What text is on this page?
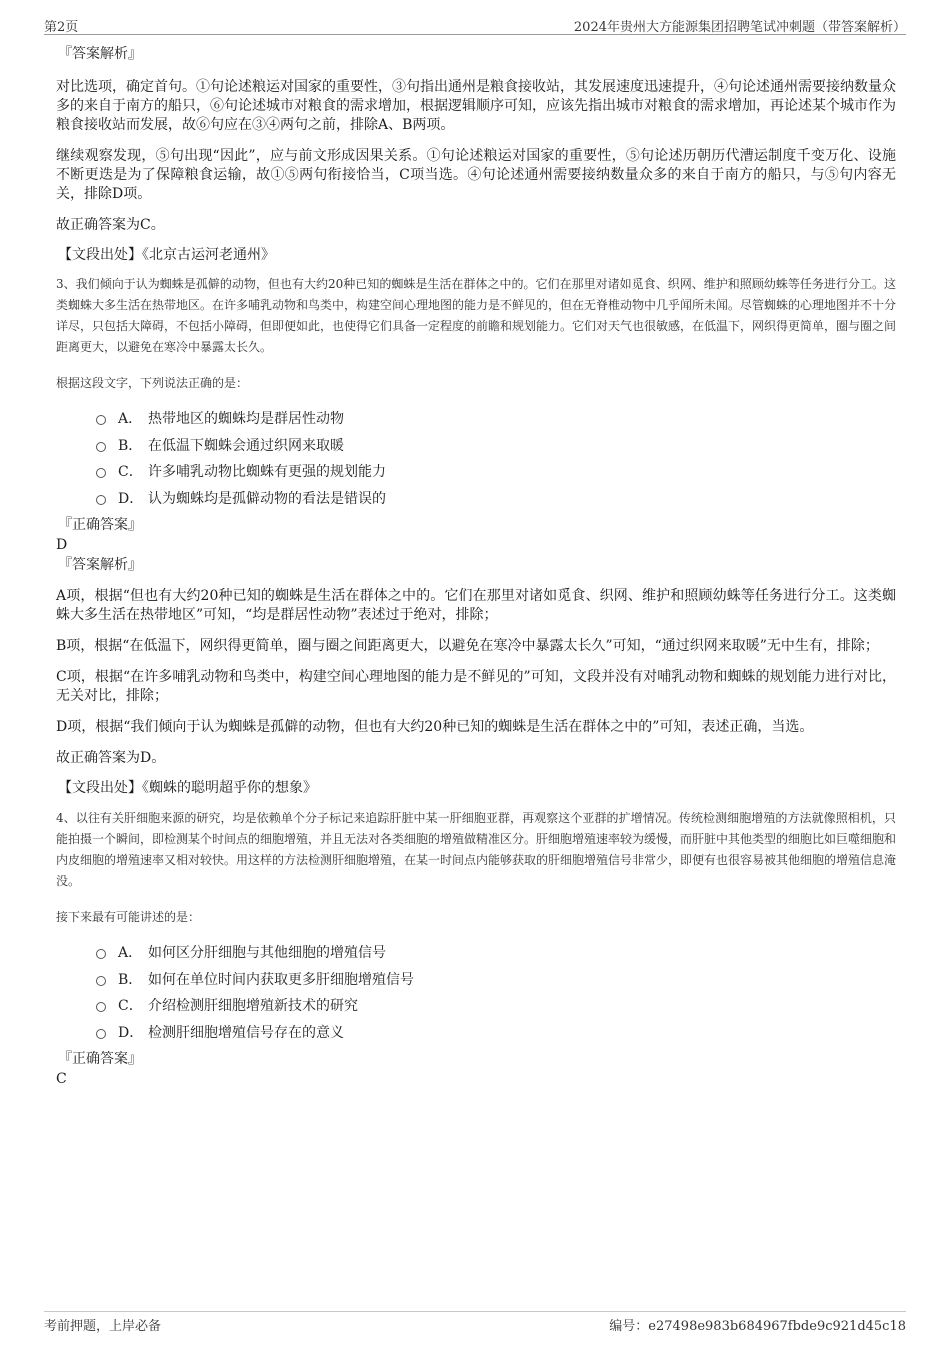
第2页	2024年贵州大方能源集团招聘笔试冲刺题（带答案解析）

『答案解析』

对比选项，确定首句。①句论述粮运对国家的重要性，③句指出通州是粮食接收站，其发展速度迅速提升，④句论述通州需要接纳数量众多的来自于南方的船只，⑥句论述城市对粮食的需求增加，根据逻辑顺序可知，应该先指出城市对粮食的需求增加，再论述某个城市作为粮食接收站而发展，故⑥句应在③④两句之前，排除A、B两项。

继续观察发现，⑤句出现“因此”，应与前文形成因果关系。①句论述粮运对国家的重要性，⑤句论述历朝历代漕运制度千变万化、设施不断更迭是为了保障粮食运输，故①⑤两句衔接恰当，C项当选。④句论述通州需要接纳数量众多的来自于南方的船只，与⑤句内容无关，排除D项。

故正确答案为C。

【文段出处】《北京古运河老通州》

3、我们倾向于认为蜘蛛是孤僻的动物，但也有大约20种已知的蜘蛛是生活在群体之中的。它们在那里对诸如觅食、织网、维护和照顾幼蛛等任务进行分工。这类蜘蛛大多生活在热带地区。在许多哺乳动物和鸟类中，构建空间心理地图的能力是不鲜见的，但在无脊椎动物中几乎闻所未闻。尽管蜘蛛的心理地图并不十分详尽，只包括大障碍，不包括小障碍，但即便如此，也使得它们具备一定程度的前瞻和规划能力。它们对天气也很敏感，在低温下，网织得更简单，圈与圈之间距离更大，以避免在寒冷中暴露太长久。

根据这段文字，下列说法正确的是：

A． 热带地区的蜘蛛均是群居性动物
B． 在低温下蜘蛛会通过织网来取暖
C． 许多哺乳动物比蜘蛛有更强的规划能力
D． 认为蜘蛛均是孤僻动物的看法是错误的

『正确答案』

D

『答案解析』

A项，根据“但也有大约20种已知的蜘蛛是生活在群体之中的。它们在那里对诸如觅食、织网、维护和照顾幼蛛等任务进行分工。这类蜘蛛大多生活在热带地区”可知，“均是群居性动物”表述过于绝对，排除；

B项，根据“在低温下，网织得更简单，圈与圈之间距离更大，以避免在寒冷中暴露太长久”可知，“通过织网来取暖”无中生有，排除；

C项，根据“在许多哺乳动物和鸟类中，构建空间心理地图的能力是不鲜见的”可知，文段并没有对哺乳动物和蜘蛛的规划能力进行对比，无关对比，排除；

D项，根据“我们倾向于认为蜘蛛是孤僻的动物，但也有大约20种已知的蜘蛛是生活在群体之中的”可知，表述正确，当选。

故正确答案为D。

【文段出处】《蜘蛛的聪明超乎你的想象》

4、以往有关肝细胞来源的研究，均是依赖单个分子标记来追踪肝脏中某一肝细胞亚群，再观察这个亚群的扩增情况。传统检测细胞增殖的方法就像照相机，只能拍摄一个瞬间，即检测某个时间点的细胞增殖，并且无法对各类细胞的增殖做精准区分。肝细胞增殖速率较为缓慢，而肝脏中其他类型的细胞比如巨噬细胞和内皮细胞的增殖速率又相对较快。用这样的方法检测肝细胞增殖，在某一时间点内能够获取的肝细胞增殖信号非常少，即便有也很容易被其他细胞的增殖信息淹没。

接下来最有可能讲述的是：

A． 如何区分肝细胞与其他细胞的增殖信号
B． 如何在单位时间内获取更多肝细胞增殖信号
C． 介绍检测肝细胞增殖新技术的研究
D． 检测肝细胞增殖信号存在的意义

『正确答案』

C

考前押题，上岸必备	编号：e27498e983b684967fbde9c921d45c18
